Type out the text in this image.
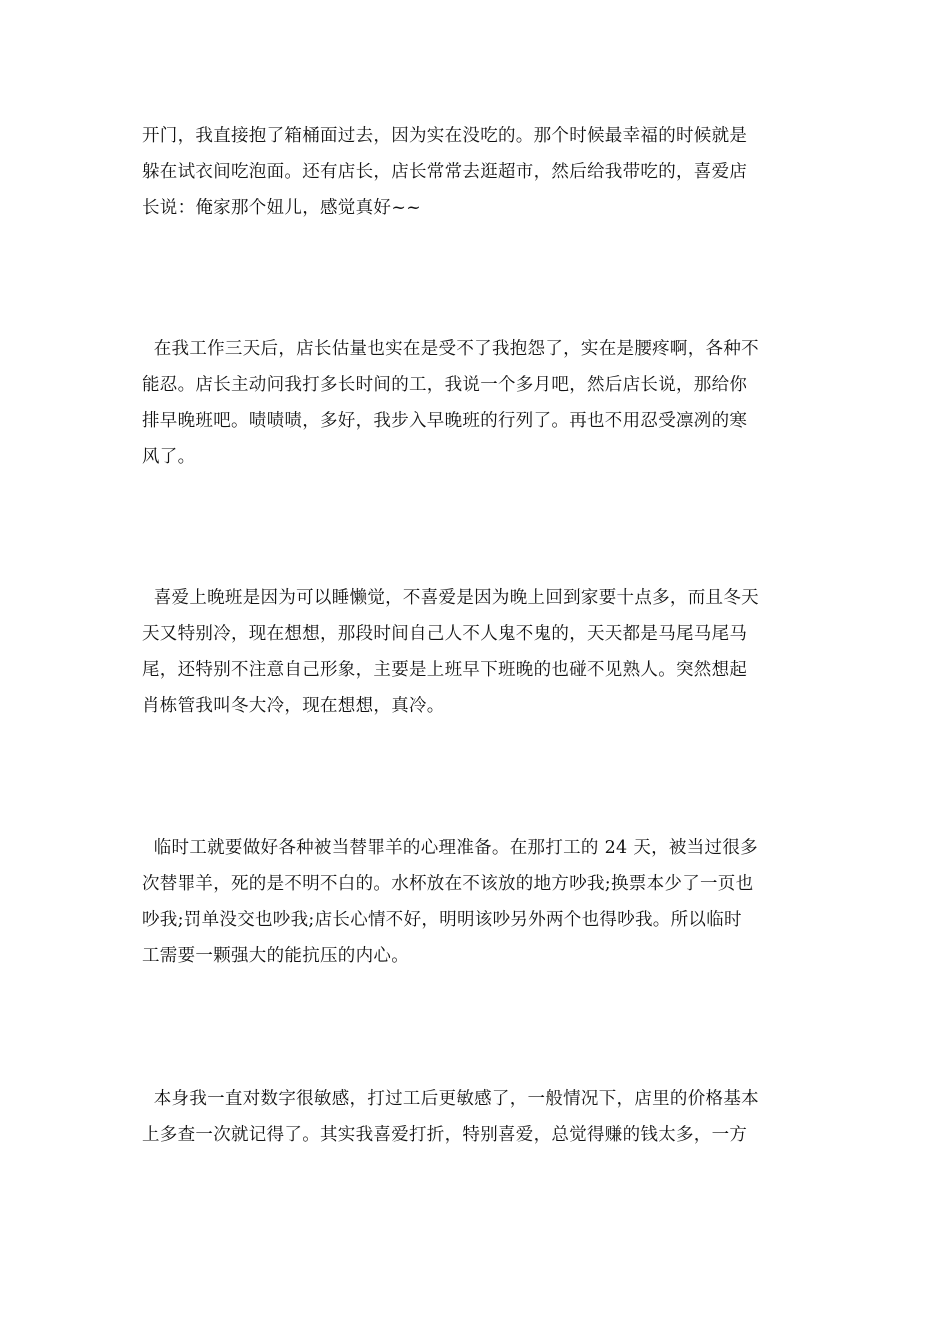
开门，我直接抱了箱桶面过去，因为实在没吃的。那个时候最幸福的时候就是
躲在试衣间吃泡面。还有店长，店长常常去逛超市，然后给我带吃的，喜爱店
长说：俺家那个妞儿，感觉真好~~
在我工作三天后，店长估量也实在是受不了我抱怨了，实在是腰疼啊，各种不
能忍。店长主动问我打多长时间的工，我说一个多月吧，然后店长说，那给你
排早晚班吧。啧啧啧，多好，我步入早晚班的行列了。再也不用忍受凛冽的寒
风了。
喜爱上晚班是因为可以睡懒觉，不喜爱是因为晚上回到家要十点多，而且冬天
天又特别冷，现在想想，那段时间自己人不人鬼不鬼的，天天都是马尾马尾马
尾，还特别不注意自己形象，主要是上班早下班晚的也碰不见熟人。突然想起
肖栋管我叫冬大冷，现在想想，真冷。
临时工就要做好各种被当替罪羊的心理准备。在那打工的 24 天，被当过很多
次替罪羊，死的是不明不白的。水杯放在不该放的地方吵我;换票本少了一页也
吵我;罚单没交也吵我;店长心情不好，明明该吵另外两个也得吵我。所以临时
工需要一颗强大的能抗压的内心。
本身我一直对数字很敏感，打过工后更敏感了，一般情况下，店里的价格基本
上多查一次就记得了。其实我喜爱打折，特别喜爱，总觉得赚的钱太多，一方
